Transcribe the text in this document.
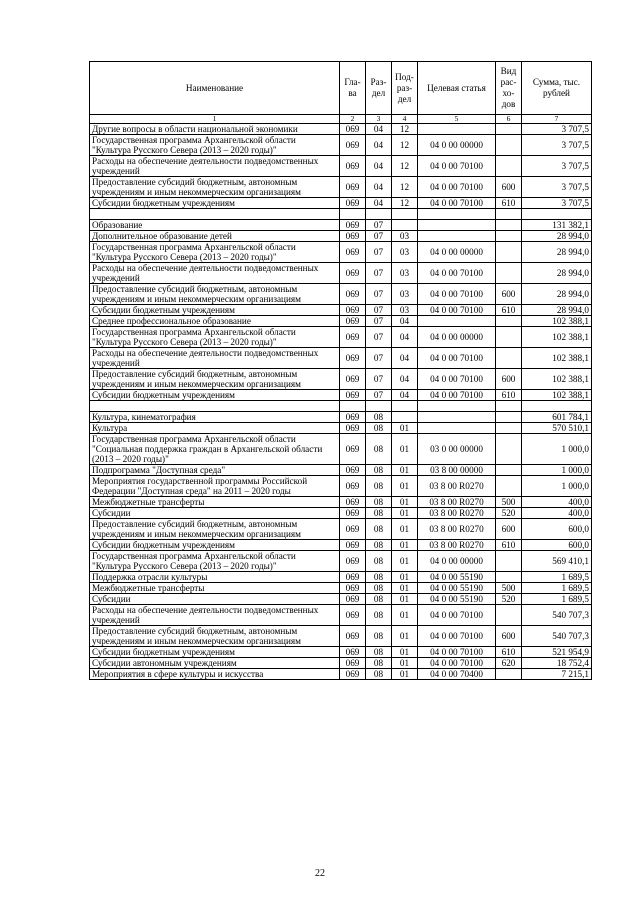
Наименование	Гла-ва	Раз-дел	Под-раз-дел	Целевая статья	Вид рас-хо-дов	Сумма, тыс. рублей
1	2	3	4	5	6	7
Другие вопросы в области национальной экономики	069	04	12			3 707,5
Государственная программа Архангельской области "Культура Русского Севера (2013 – 2020 годы)"	069	04	12	04 0 00 00000		3 707,5
Расходы на обеспечение деятельности подведомственных учреждений	069	04	12	04 0 00 70100		3 707,5
Предоставление субсидий бюджетным, автономным учреждениям и иным некоммерческим организациям	069	04	12	04 0 00 70100	600	3 707,5
Субсидии бюджетным учреждениям	069	04	12	04 0 00 70100	610	3 707,5

Образование	069	07				131 382,1
Дополнительное образование детей	069	07	03			28 994,0
Государственная программа Архангельской области "Культура Русского Севера (2013 – 2020 годы)"	069	07	03	04 0 00 00000		28 994,0
Расходы на обеспечение деятельности подведомственных учреждений	069	07	03	04 0 00 70100		28 994,0
Предоставление субсидий бюджетным, автономным учреждениям и иным некоммерческим организациям	069	07	03	04 0 00 70100	600	28 994,0
Субсидии бюджетным учреждениям	069	07	03	04 0 00 70100	610	28 994,0
Среднее профессиональное образование	069	07	04			102 388,1
Государственная программа Архангельской области "Культура Русского Севера (2013 – 2020 годы)"	069	07	04	04 0 00 00000		102 388,1
Расходы на обеспечение деятельности подведомственных учреждений	069	07	04	04 0 00 70100		102 388,1
Предоставление субсидий бюджетным, автономным учреждениям и иным некоммерческим организациям	069	07	04	04 0 00 70100	600	102 388,1
Субсидии бюджетным учреждениям	069	07	04	04 0 00 70100	610	102 388,1

Культура, кинематография	069	08				601 784,1
Культура	069	08	01			570 510,1
Государственная программа Архангельской области "Социальная поддержка граждан в Архангельской области (2013 – 2020 годы)"	069	08	01	03 0 00 00000		1 000,0
Подпрограмма "Доступная среда"	069	08	01	03 8 00 00000		1 000,0
Мероприятия государственной программы Российской Федерации "Доступная среда" на 2011 – 2020 годы	069	08	01	03 8 00 R0270		1 000,0
Межбюджетные трансферты	069	08	01	03 8 00 R0270	500	400,0
Субсидии	069	08	01	03 8 00 R0270	520	400,0
Предоставление субсидий бюджетным, автономным учреждениям и иным некоммерческим организациям	069	08	01	03 8 00 R0270	600	600,0
Субсидии бюджетным учреждениям	069	08	01	03 8 00 R0270	610	600,0
Государственная программа Архангельской области "Культура Русского Севера (2013 – 2020 годы)"	069	08	01	04 0 00 00000		569 410,1
Поддержка отрасли культуры	069	08	01	04 0 00 55190		1 689,5
Межбюджетные трансферты	069	08	01	04 0 00 55190	500	1 689,5
Субсидии	069	08	01	04 0 00 55190	520	1 689,5
Расходы на обеспечение деятельности подведомственных учреждений	069	08	01	04 0 00 70100		540 707,3
Предоставление субсидий бюджетным, автономным учреждениям и иным некоммерческим организациям	069	08	01	04 0 00 70100	600	540 707,3
Субсидии бюджетным учреждениям	069	08	01	04 0 00 70100	610	521 954,9
Субсидии автономным учреждениям	069	08	01	04 0 00 70100	620	18 752,4
Мероприятия в сфере культуры и искусства	069	08	01	04 0 00 70400		7 215,1
22
